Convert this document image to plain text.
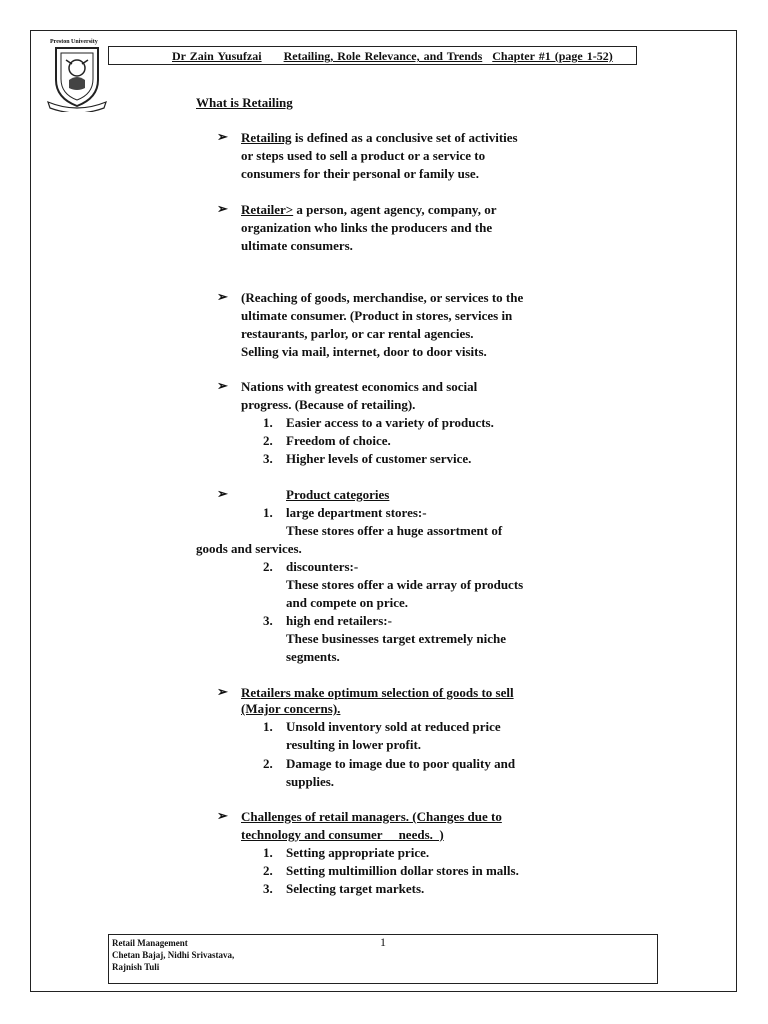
Preston University
Dr Zain Yusufzai Retailing, Role Relevance, and Trends Chapter #1 (page 1-52)
What is Retailing
➢ Retailing is defined as a conclusive set of activities
or steps used to sell a product or a service to
consumers for their personal or family use.
➢ Retailer> a person, agent agency, company, or
organization who links the producers and the
ultimate consumers.
➢ (Reaching of goods, merchandise, or services to the
ultimate consumer. (Product in stores, services in
restaurants, parlor, or car rental agencies.
Selling via mail, internet, door to door visits.
➢ Nations with greatest economics and social
progress. (Because of retailing).
1. Easier access to a variety of products.
2. Freedom of choice.
3. Higher levels of customer service.
➢	Product categories
1. large department stores:-
These stores offer a huge assortment of
goods and services.
2. discounters:-
These stores offer a wide array of products
and compete on price.
3. high end retailers:-
These businesses target extremely niche
segments.
➢ Retailers make optimum selection of goods to sell
(Major concerns).
1. Unsold inventory sold at reduced price
resulting in lower profit.
2. Damage to image due to poor quality and
supplies.
➢ Challenges of retail managers. (Changes due to
technology and consumer     needs.  )
1. Setting appropriate price.
2. Setting multimillion dollar stores in malls.
3. Selecting target markets.
Retail Management
Chetan Bajaj, Nidhi Srivastava,
Rajnish Tuli
1
